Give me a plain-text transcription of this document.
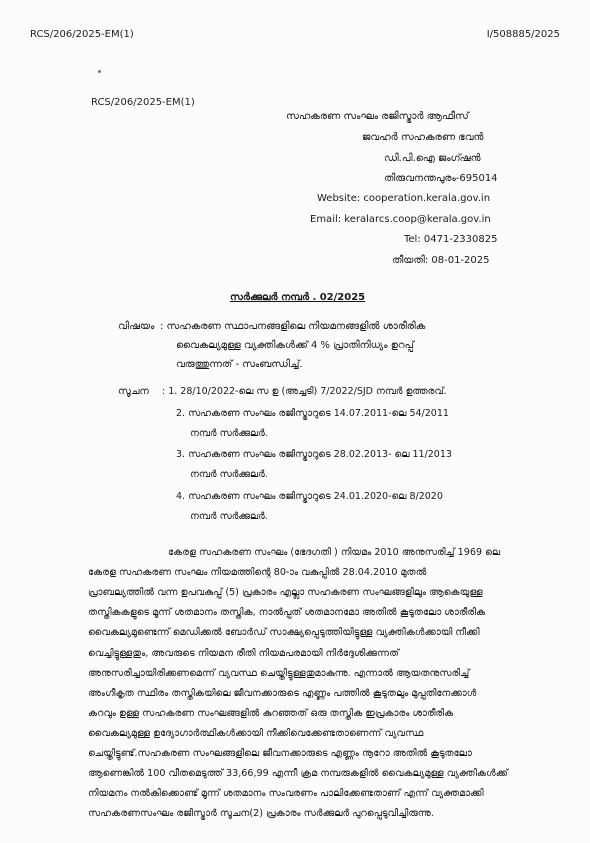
RCS/206/2025-EM(1)	I/508885/2025
RCS/206/2025-EM(1)
സഹകരണ സംഘം രജിസ്ട്രാർ ആഫീസ്
ജവഹർ സഹകരണ ഭവൻ
ഡി.പി.ഐ ജംഗ്ഷൻ
തിരുവനന്തപുരം-695014
Website: cooperation.kerala.gov.in
Email: keralarcs.coop@kerala.gov.in
Tel: 0471-2330825
തീയതി: 08-01-2025
സർക്കുലർ നമ്പർ . 02/2025
വിഷയം : സഹകരണ സ്ഥാപനങ്ങളിലെ നിയമനങ്ങളിൽ ശാരീരിക
വൈകല്യമുള്ള വ്യക്തികൾക്ക് 4 % പ്രാതിനിധ്യം ഉറപ്പ്
വരുത്തുന്നത് - സംബന്ധിച്ച്.
സൂചന : 1. 28/10/2022-ലെ സ ഉ (അച്ചടി) 7/2022/SJD നമ്പർ ഉത്തരവ്.
2. സഹകരണ സംഘം രജിസ്ട്രാറുടെ 14.07.2011-ലെ 54/2011
നമ്പർ സർക്കുലർ.
3. സഹകരണ സംഘം രജിസ്ട്രാറുടെ 28.02.2013- ലെ 11/2013
നമ്പർ സർക്കുലർ.
4. സഹകരണ സംഘം രജിസ്ട്രാറുടെ 24.01.2020-ലെ 8/2020
നമ്പർ സർക്കുലർ.
കേരള സഹകരണ സംഘം (ഭേദഗതി ) നിയമം 2010 അനുസരിച്ച് 1969 ലെ
കേരള സഹകരണ സംഘം നിയമത്തിന്റെ 80-ാം വകുപ്പിൽ 28.04.2010 മുതൽ
പ്രാബല്യത്തിൽ വന്ന ഉപവകുപ്പ് (5) പ്രകാരം എല്ലാ സഹകരണ സംഘങ്ങളിലും ആകെയുള്ള
തസ്തികകളുടെ മൂന്ന് ശതമാനം തസ്തിക, നാൽപ്പത് ശതമാനമോ അതിൽ കൂടുതലോ ശാരീരിക
വൈകല്യമുണ്ടെന്ന് മെഡിക്കൽ ബോർഡ് സാക്ഷ്യപ്പെടുത്തിയിട്ടുള്ള വ്യക്തികൾക്കായി നീക്കി
വെച്ചിട്ടുള്ളതും, അവരുടെ നിയമന രീതി നിയമപരമായി നിർദ്ദേശിക്കുന്നത്
അനുസരിച്ചായിരിക്കണമെന്ന് വ്യവസ്ഥ ചെയ്തിട്ടുള്ളതുമാകുന്നു. എന്നാൽ ആയതനുസരിച്ച്
അംഗീകൃത സ്ഥിരം തസ്തികയിലെ ജീവനക്കാരുടെ എണ്ണം പത്തിൽ കൂടുതലും മുപ്പതിനേക്കാൾ
കറവും ഉള്ള സഹകരണ സംഘങ്ങളിൽ കുറഞ്ഞത് ഒരു തസ്തിക ഇപ്രകാരം ശാരീരിക
വൈകല്യമുള്ള ഉദ്യോഗാർത്ഥികൾക്കായി നീക്കിവെക്കേണ്ടതാണെന്ന് വ്യവസ്ഥ
ചെയ്തിട്ടുണ്ട്.സഹകരണ സംഘങ്ങളിലെ ജീവനക്കാരുടെ എണ്ണം നൂറോ അതിൽ കൂടുതലോ
ആണെങ്കിൽ 100 വീതമെടുത്ത് 33,66,99 എന്നീ ക്രമ നമ്പരുകളിൽ വൈകല്യമുള്ള വ്യക്തികൾക്ക്
നിയമനം നൽകിക്കൊണ്ട് മൂന്ന് ശതമാനം സംവരണം പാലിക്കേണ്ടതാണ് എന്ന് വ്യക്തമാക്കി
സഹകരണസംഘം രജിസ്ട്രാർ സൂചന(2) പ്രകാരം സർക്കുലർ പുറപ്പെടുവിച്ചിരുന്നു.
